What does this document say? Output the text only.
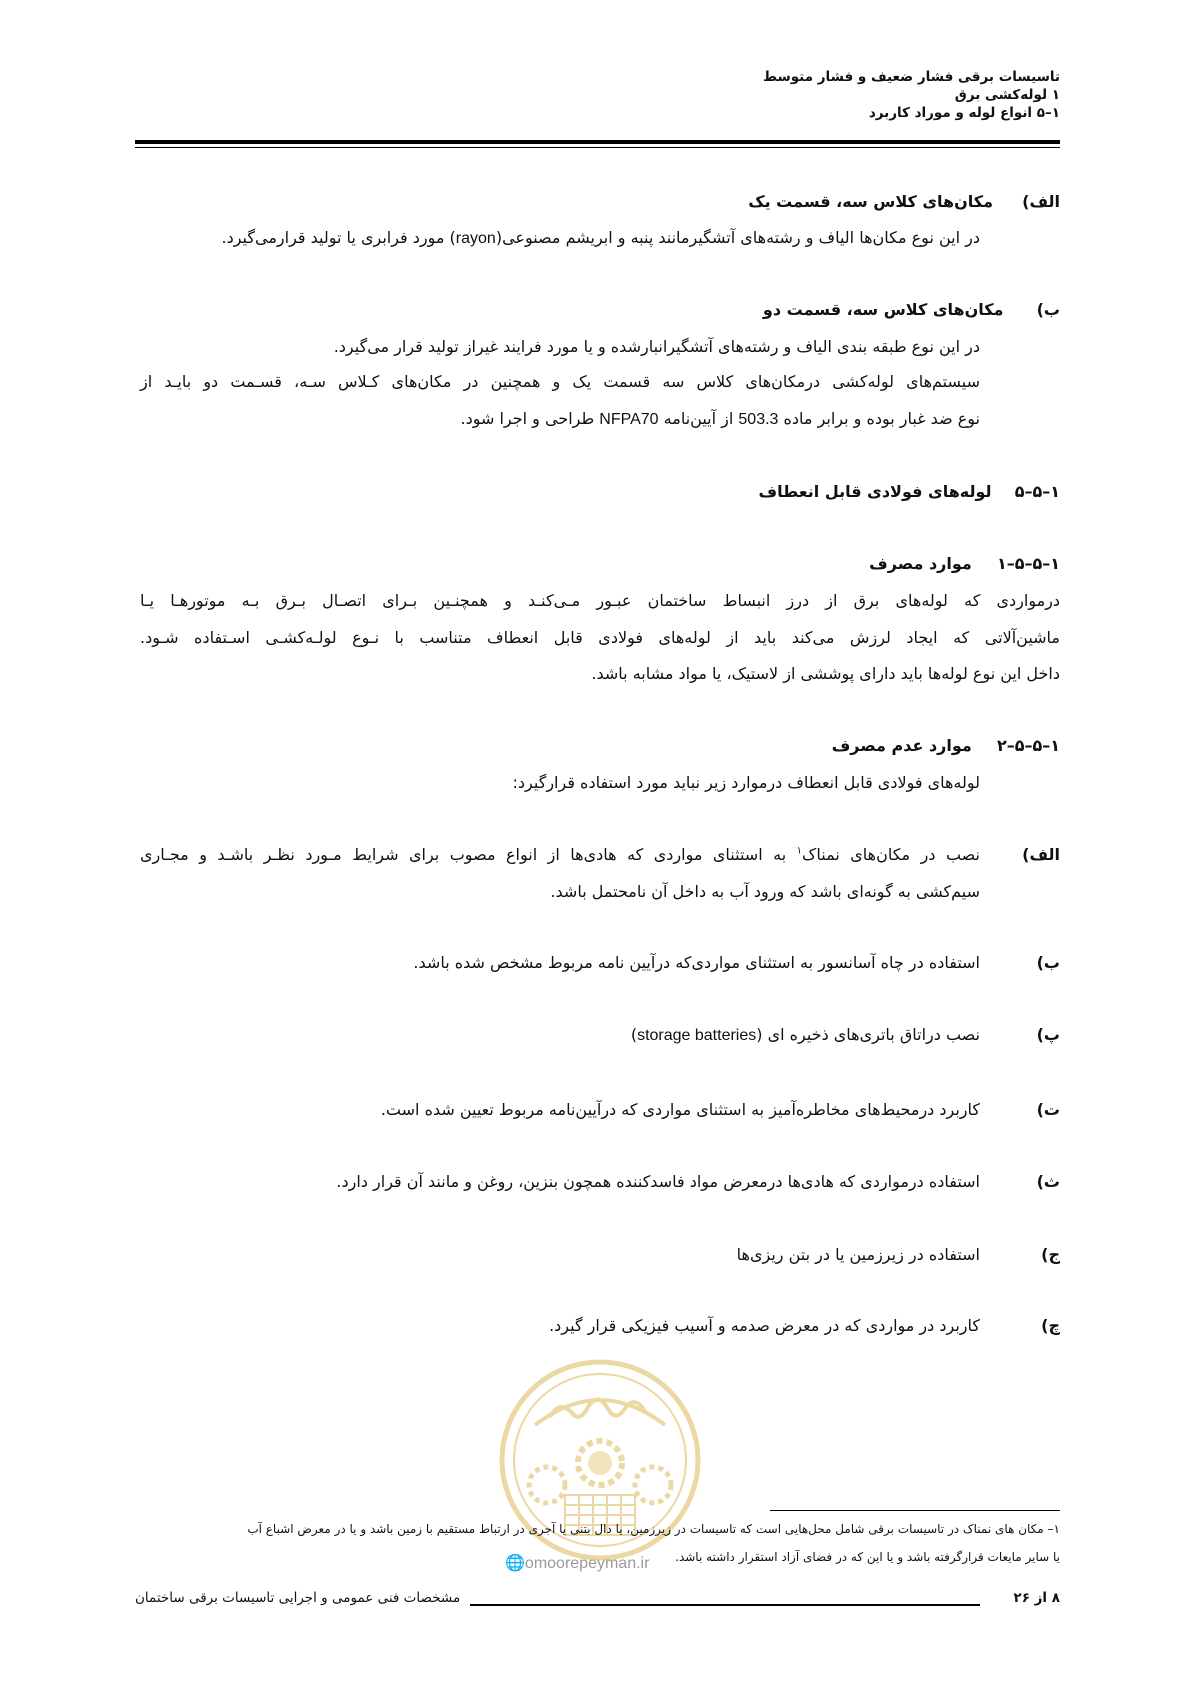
تاسیسات برقی فشار ضعیف و فشار متوسط
۱ لوله‌کشی برق
۱–۵ انواع لوله و موراد کاربرد
الف)  مکان‌های کلاس سه، قسمت یک
در این نوع مکان‌ها الیاف و رشته‌های آتشگیرمانند پنبه و ابریشم مصنوعی(rayon) مورد فرابری یا تولید قرارمی‌گیرد.
ب)  مکان‌های کلاس سه، قسمت دو
در این نوع طبقه بندی الیاف و رشته‌های آتشگیرانبارشده و یا مورد فرایند غیراز تولید قرار می‌گیرد.
سیستم‌های لوله‌کشی درمکان‌های کلاس سه قسمت یک و همچنین در مکان‌های کـلاس سـه، قسـمت دو بایـد از
نوع ضد غبار بوده و برابر ماده 503.3 از آیین‌نامه NFPA70 طراحی و اجرا شود.
۱–۵–۵  لوله‌های فولادی قابل انعطاف
۱–۵–۵–۱  موارد مصرف
درمواردی که لوله‌های برق از درز انبساط ساختمان عبـور مـی‌کنـد و همچنـین بـرای اتصـال بـرق بـه موتورهـا یـا
ماشین‌آلاتی که ایجاد لرزش می‌کند باید از لوله‌های فولادی قابل انعطاف متناسب با نـوع لولـه‌کشـی اسـتفاده شـود.
داخل این نوع لوله‌ها باید دارای پوششی از لاستیک، یا مواد مشابه باشد.
۱–۵–۵–۲  موارد عدم مصرف
لوله‌های فولادی قابل انعطاف درموارد زیر نباید مورد استفاده قرارگیرد:
الف)
نصب در مکان‌های نمناک$^۱$ به استثنای مواردی که هادی‌ها از انواع مصوب برای شرایط مـورد نظـر باشـد و مجـاری
سیم‌کشی به گونه‌ای باشد که ورود آب به داخل آن نامحتمل باشد.
ب)
استفاده در چاه آسانسور به استثنای مواردی‌که درآیین نامه مربوط مشخص شده باشد.
پ)
نصب دراتاق باتری‌های ذخیره ای (storage batteries)
ت)
کاربرد درمحیط‌های مخاطره‌آمیز به استثنای مواردی که درآیین‌نامه مربوط تعیین شده است.
ث)
استفاده درمواردی که هادی‌ها درمعرض مواد فاسدکننده همچون بنزین، روغن و مانند آن قرار دارد.
ج)
استفاده در زیرزمین یا در بتن ریزی‌ها
چ)
کاربرد در مواردی که در معرض صدمه و آسیب فیزیکی قرار گیرد.
۱– مکان های نمناک در تاسیسات برقی شامل محل‌هایی است که تاسیسات در زیرزمین، یا دال بتنی یا آجری در ارتباط مستقیم با زمین باشد و یا در معرض اشباع آب
یا سایر مایعات قرارگرفته باشد و یا این که در فضای آزاد استقرار داشته باشد.
🌐omoorepeyman.ir
۸ از ۲۶
مشخصات فنی عمومی و اجرایی تاسیسات برقی ساختمان
